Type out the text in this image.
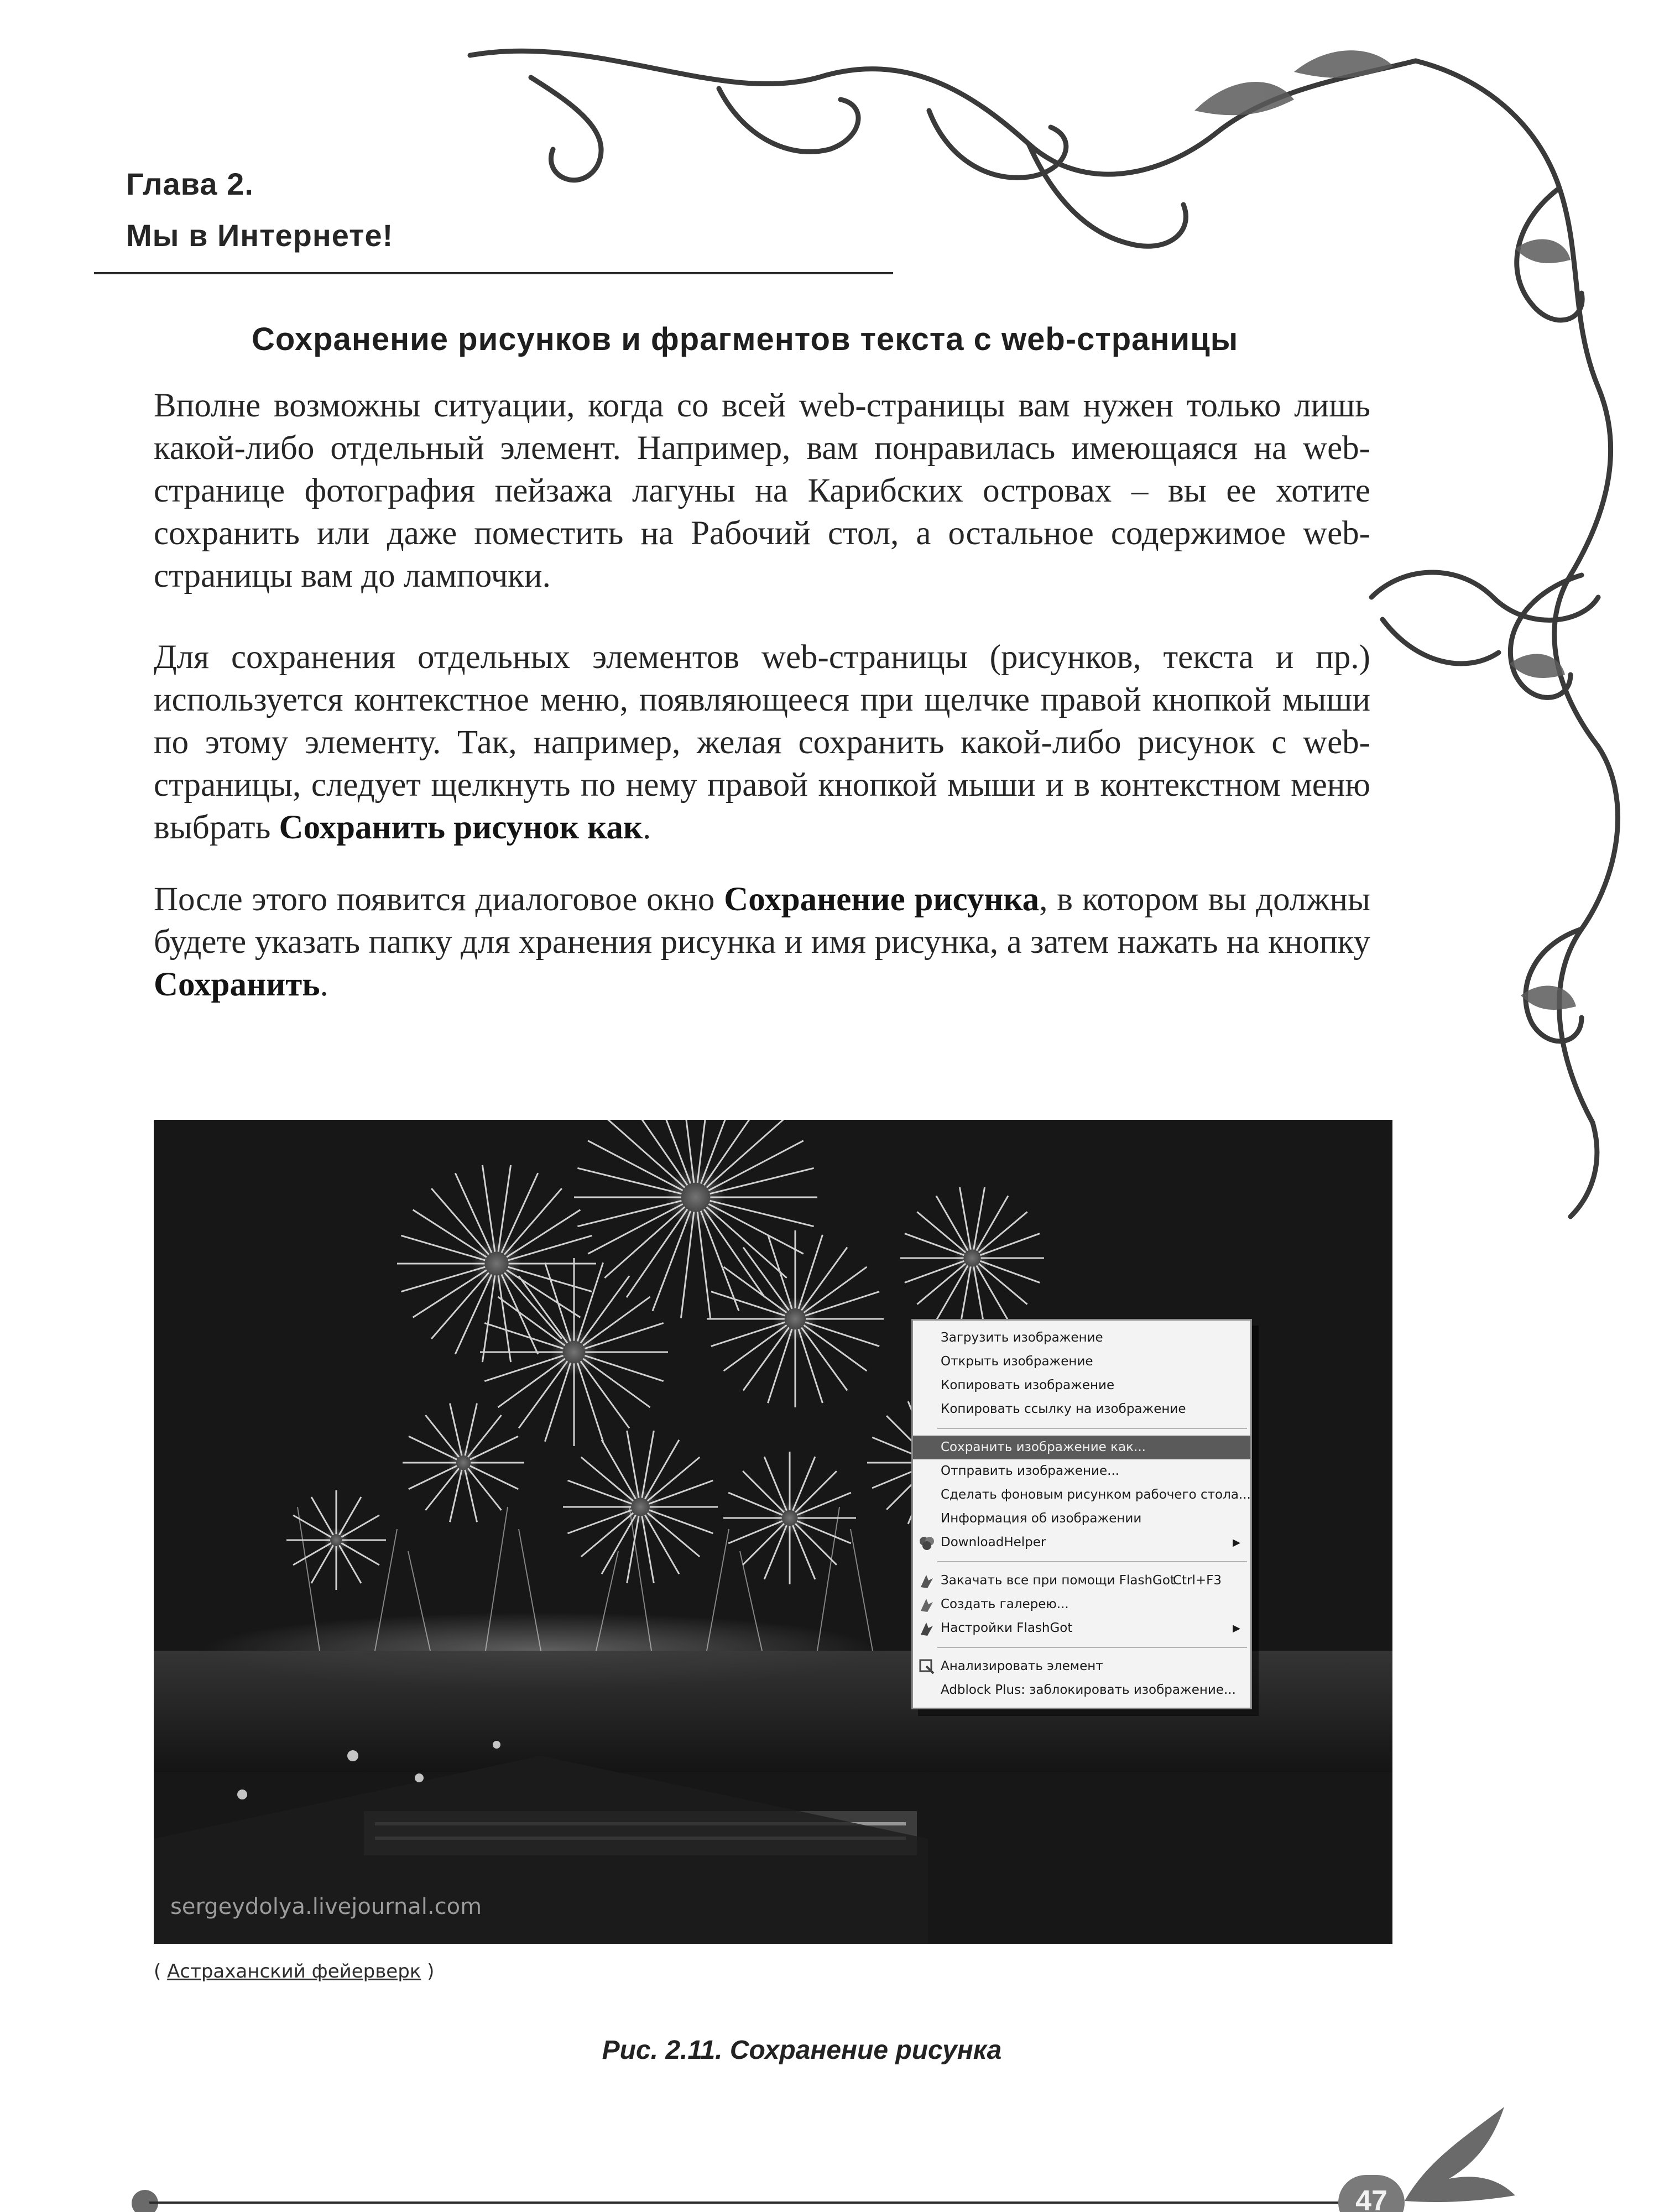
Глава 2.
Мы в Интернете!
Сохранение рисунков и фрагментов текста с web-страницы
Вполне возможны ситуации, когда со всей web-страницы вам нужен только лишь какой-либо отдельный элемент. Например, вам понравилась имеющаяся на web-странице фотография пейзажа лагуны на Карибских островах – вы ее хотите сохранить или даже поместить на Рабочий стол, а остальное содержимое web-страницы вам до лампочки.
Для сохранения отдельных элементов web-страницы (рисунков, текста и пр.) используется контекстное меню, появляющееся при щелчке правой кнопкой мыши по этому элементу. Так, например, желая сохранить какой-либо рисунок с web-страницы, следует щелкнуть по нему правой кнопкой мыши и в контекстном меню выбрать Сохранить рисунок как.
После этого появится диалоговое окно Сохранение рисунка, в котором вы должны будете указать папку для хранения рисунка и имя рисунка, а затем нажать на кнопку Сохранить.
sergeydolya.livejournal.com
Загрузить изображение
Открыть изображение
Копировать изображение
Копировать ссылку на изображение
Сохранить изображение как...
Отправить изображение...
Сделать фоновым рисунком рабочего стола...
Информация об изображении
DownloadHelper	▶
Закачать все при помощи FlashGot
Ctrl+F3
Создать галерею...
Настройки FlashGot	▶
Анализировать элемент
Adblock Plus: заблокировать изображение...
( Астраханский фейерверк )
Рис. 2.11. Сохранение рисунка
47
